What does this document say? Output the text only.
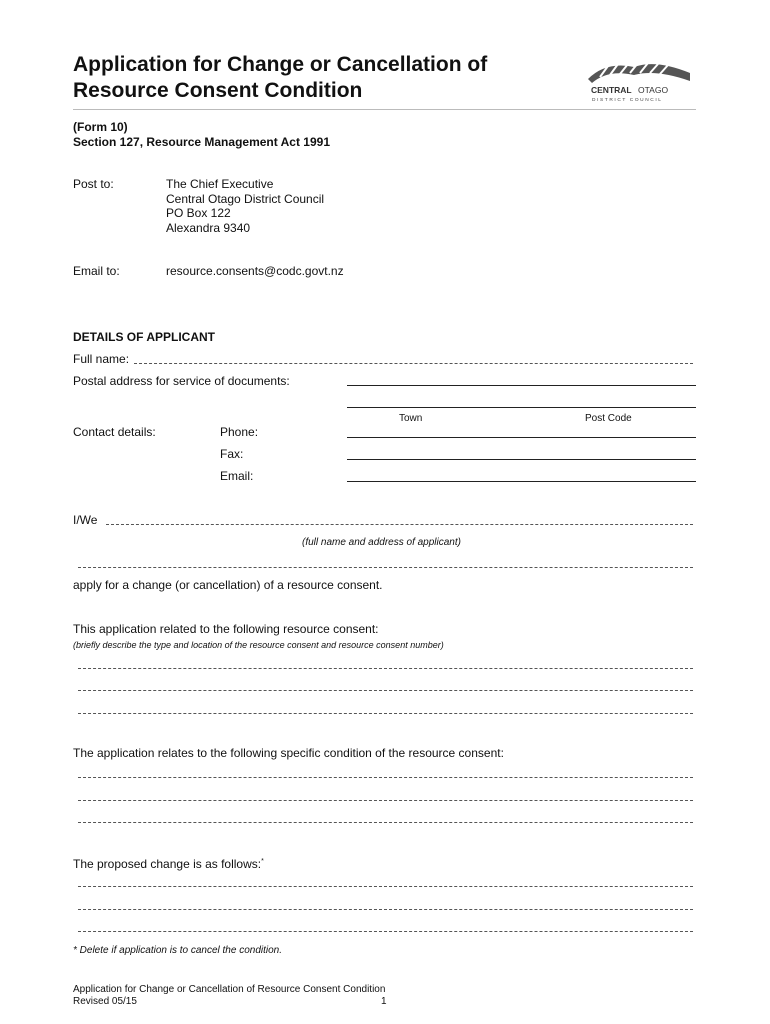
Application for Change or Cancellation of
Resource Consent Condition	CENTRAL OTAGO
DISTRICT COUNCIL
(Form 10)
Section 127, Resource Management Act 1991
Post to:	The Chief Executive
Central Otago District Council
PO Box 122
Alexandra 9340
Email to:	resource.consents@codc.govt.nz
DETAILS OF APPLICANT
Full name:
Postal address for service of documents:
Town	Post Code
Contact details:	Phone:
Fax:
Email:
I/We
(full name and address of applicant)
apply for a change (or cancellation) of a resource consent.
This application related to the following resource consent:
(briefly describe the type and location of the resource consent and resource consent number)
The application relates to the following specific condition of the resource consent:
The proposed change is as follows:*
* Delete if application is to cancel the condition.
Application for Change or Cancellation of Resource Consent Condition
Revised 05/15	1
